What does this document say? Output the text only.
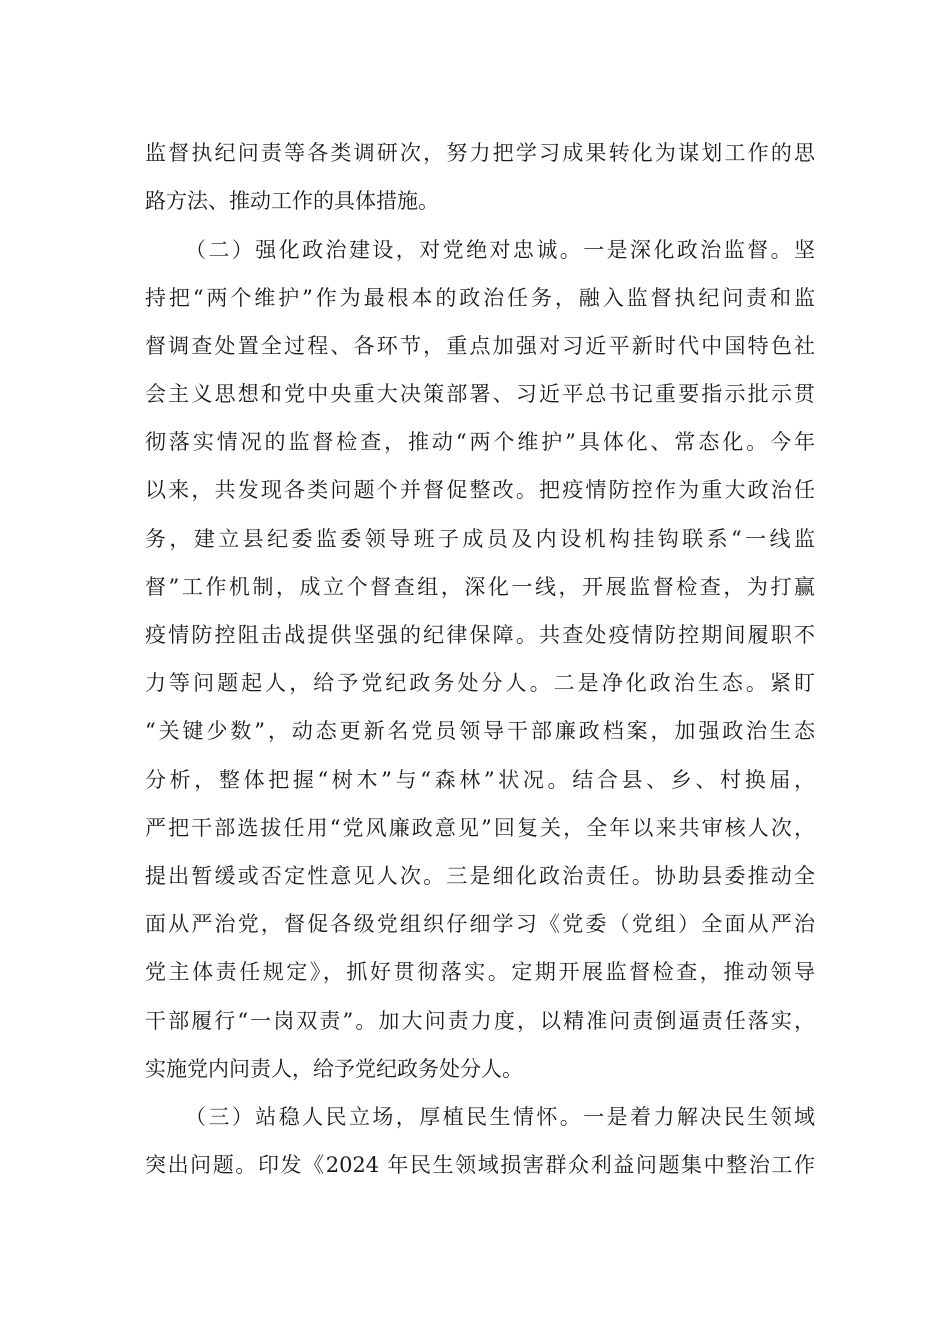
监督执纪问责等各类调研次，努力把学习成果转化为谋划工作的思
路方法、推动工作的具体措施。
（二）强化政治建设，对党绝对忠诚。一是深化政治监督。坚
持把“两个维护”作为最根本的政治任务，融入监督执纪问责和监
督调查处置全过程、各环节，重点加强对习近平新时代中国特色社
会主义思想和党中央重大决策部署、习近平总书记重要指示批示贯
彻落实情况的监督检查，推动“两个维护”具体化、常态化。今年
以来，共发现各类问题个并督促整改。把疫情防控作为重大政治任
务，建立县纪委监委领导班子成员及内设机构挂钩联系“一线监
督”工作机制，成立个督查组，深化一线，开展监督检查，为打赢
疫情防控阻击战提供坚强的纪律保障。共查处疫情防控期间履职不
力等问题起人，给予党纪政务处分人。二是净化政治生态。紧盯
“关键少数”，动态更新名党员领导干部廉政档案，加强政治生态
分析，整体把握“树木”与“森林”状况。结合县、乡、村换届，
严把干部选拔任用“党风廉政意见”回复关，全年以来共审核人次，
提出暂缓或否定性意见人次。三是细化政治责任。协助县委推动全
面从严治党，督促各级党组织仔细学习《党委（党组）全面从严治
党主体责任规定》，抓好贯彻落实。定期开展监督检查，推动领导
干部履行“一岗双责”。加大问责力度，以精准问责倒逼责任落实，
实施党内问责人，给予党纪政务处分人。
（三）站稳人民立场，厚植民生情怀。一是着力解决民生领域
突出问题。印发《2024 年民生领域损害群众利益问题集中整治工作
